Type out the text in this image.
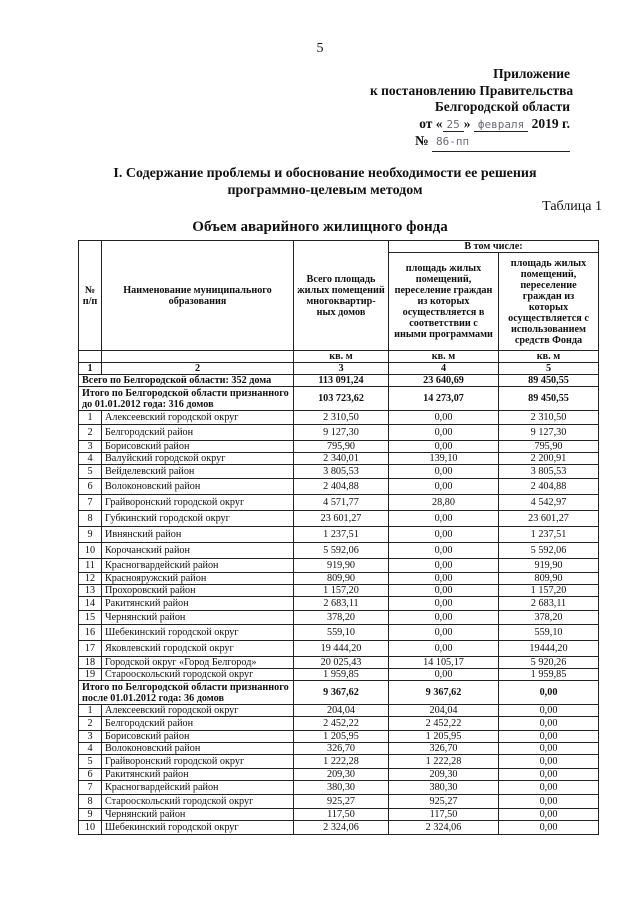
5
Приложение
к постановлению Правительства
Белгородской области
от « 25 » февраля 2019 г.
№ 86-пп
I. Содержание проблемы и обоснование необходимости ее решения программно-целевым методом
Таблица 1
Объем аварийного жилищного фонда
№ п/п	Наименование муниципального образования	Всего площадь жилых помещений многоквартир-ных домов	В том числе:	
			площадь жилых помещений, переселение граждан из которых осуществляется в соответствии с иными программами	площадь жилых помещений, переселение граждан из которых осуществляется с использованием средств Фонда
		кв. м	кв. м	кв. м
1	2	3	4	5
Всего по Белгородской области: 352 дома		113 091,24	23 640,69	89 450,55
Итого по Белгородской области признанного до 01.01.2012 года: 316 домов		103 723,62	14 273,07	89 450,55
1	Алексеевский городской округ	2 310,50	0,00	2 310,50
2	Белгородский район	9 127,30	0,00	9 127,30
3	Борисовский район	795,90	0,00	795,90
4	Валуйский городской округ	2 340,01	139,10	2 200,91
5	Вейделевский район	3 805,53	0,00	3 805,53
6	Волоконовский район	2 404,88	0,00	2 404,88
7	Грайворонский городской округ	4 571,77	28,80	4 542,97
8	Губкинский городской округ	23 601,27	0,00	23 601,27
9	Ивнянский район	1 237,51	0,00	1 237,51
10	Корочанский район	5 592,06	0,00	5 592,06
11	Красногвардейский район	919,90	0,00	919,90
12	Краснояружский район	809,90	0,00	809,90
13	Прохоровский район	1 157,20	0,00	1 157,20
14	Ракитянский район	2 683,11	0,00	2 683,11
15	Чернянский район	378,20	0,00	378,20
16	Шебекинский городской округ	559,10	0,00	559,10
17	Яковлевский городской округ	19 444,20	0,00	19444,20
18	Городской округ «Город Белгород»	20 025,43	14 105,17	5 920,26
19	Старооскольский городской округ	1 959,85	0,00	1 959,85
Итого по Белгородской области признанного после 01.01.2012 года: 36 домов		9 367,62	9 367,62	0,00
1	Алексеевский городской округ	204,04	204,04	0,00
2	Белгородский район	2 452,22	2 452,22	0,00
3	Борисовский район	1 205,95	1 205,95	0,00
4	Волоконовский район	326,70	326,70	0,00
5	Грайворонский городской округ	1 222,28	1 222,28	0,00
6	Ракитянский район	209,30	209,30	0,00
7	Красногвардейский район	380,30	380,30	0,00
8	Старооскольский городской округ	925,27	925,27	0,00
9	Чернянский район	117,50	117,50	0,00
10	Шебекинский городской округ	2 324,06	2 324,06	0,00
